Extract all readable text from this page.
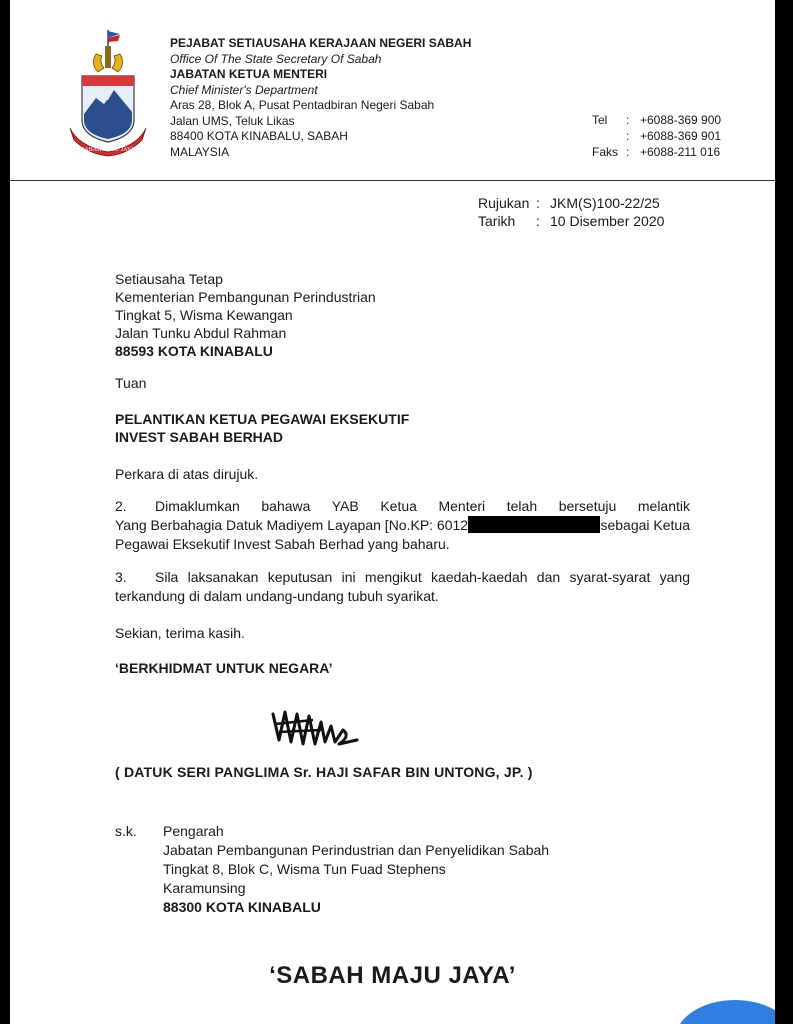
SABAH MAJU JAYA
PEJABAT SETIAUSAHA KERAJAAN NEGERI SABAH
Office Of The State Secretary Of Sabah
JABATAN KETUA MENTERI
Chief Minister's Department
Aras 28, Blok A, Pusat Pentadbiran Negeri Sabah
Jalan UMS, Teluk Likas
88400 KOTA KINABALU, SABAH
MALAYSIA
Tel	: +6088-369 900
: +6088-369 901
Faks : +6088-211 016
Rujukan : JKM(S)100-22/25
Tarikh	: 10 Disember 2020
Setiausaha Tetap
Kementerian Pembangunan Perindustrian
Tingkat 5, Wisma Kewangan
Jalan Tunku Abdul Rahman
88593 KOTA KINABALU
Tuan
PELANTIKAN KETUA PEGAWAI EKSEKUTIF
INVEST SABAH BERHAD
Perkara di atas dirujuk.
2. Dimaklumkan bahawa YAB Ketua Menteri telah bersetuju melantik
Yang Berbahagia Datuk Madiyem Layapan [No.KP: 6012	sebagai Ketua
Pegawai Eksekutif Invest Sabah Berhad yang baharu.
3. Sila laksanakan keputusan ini mengikut kaedah-kaedah dan syarat-syarat yang
terkandung di dalam undang-undang tubuh syarikat.
Sekian, terima kasih.
‘BERKHIDMAT UNTUK NEGARA’
( DATUK SERI PANGLIMA Sr. HAJI SAFAR BIN UNTONG, JP. )
s.k. Pengarah
Jabatan Pembangunan Perindustrian dan Penyelidikan Sabah
Tingkat 8, Blok C, Wisma Tun Fuad Stephens
Karamunsing
88300 KOTA KINABALU
‘SABAH MAJU JAYA’
